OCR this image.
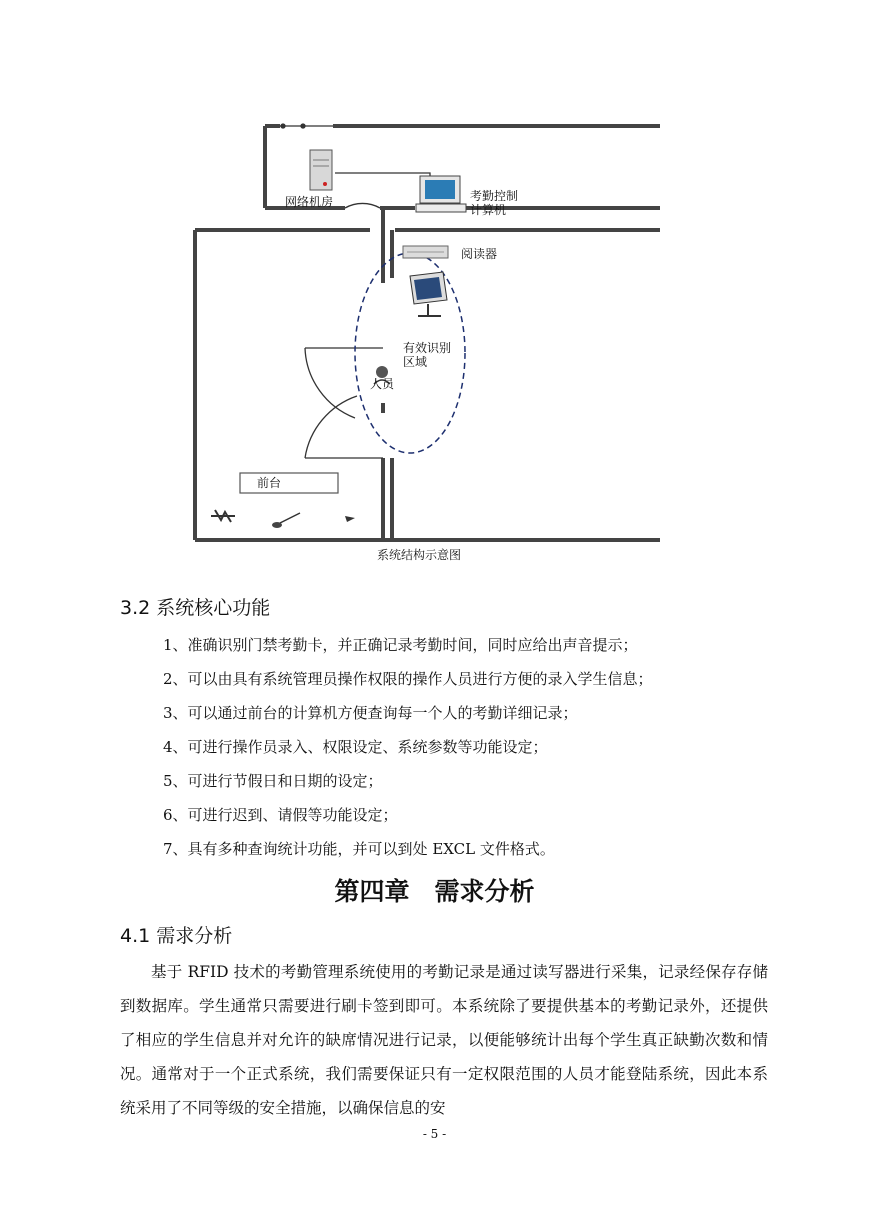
网络机房	考勤控制
计算机
阅读器
有效识别
区域
人员
前台
系统结构示意图
3.2 系统核心功能
1、准确识别门禁考勤卡，并正确记录考勤时间，同时应给出声音提示；
2、可以由具有系统管理员操作权限的操作人员进行方便的录入学生信息；
3、可以通过前台的计算机方便查询每一个人的考勤详细记录；
4、可进行操作员录入、权限设定、系统参数等功能设定；
5、可进行节假日和日期的设定；
6、可进行迟到、请假等功能设定；
7、具有多种查询统计功能，并可以到处 EXCL 文件格式。
第四章　需求分析
4.1 需求分析

基于 RFID 技术的考勤管理系统使用的考勤记录是通过读写器进行采集，记录经保存存储到数据库。学生通常只需要进行刷卡签到即可。本系统除了要提供基本的考勤记录外，还提供了相应的学生信息并对允许的缺席情况进行记录，以便能够统计出每个学生真正缺勤次数和情况。通常对于一个正式系统，我们需要保证只有一定权限范围的人员才能登陆系统，因此本系统采用了不同等级的安全措施，以确保信息的安

- 5 -
